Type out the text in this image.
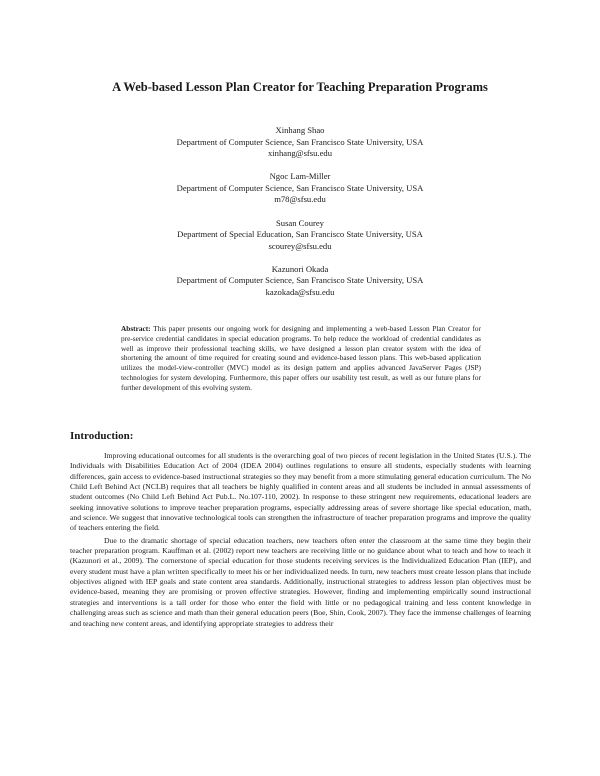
A Web-based Lesson Plan Creator for Teaching Preparation Programs
Xinhang Shao
Department of Computer Science, San Francisco State University, USA
xinhang@sfsu.edu
Ngoc Lam-Miller
Department of Computer Science, San Francisco State University, USA
m78@sfsu.edu
Susan Courey
Department of Special Education, San Francisco State University, USA
scourey@sfsu.edu
Kazunori Okada
Department of Computer Science, San Francisco State University, USA
kazokada@sfsu.edu
Abstract: This paper presents our ongoing work for designing and implementing a web-based Lesson Plan Creator for pre-service credential candidates in special education programs. To help reduce the workload of credential candidates as well as improve their professional teaching skills, we have designed a lesson plan creator system with the idea of shortening the amount of time required for creating sound and evidence-based lesson plans. This web-based application utilizes the model-view-controller (MVC) model as its design pattern and applies advanced JavaServer Pages (JSP) technologies for system developing. Furthermore, this paper offers our usability test result, as well as our future plans for further development of this evolving system.
Introduction:

Improving educational outcomes for all students is the overarching goal of two pieces of recent legislation in the United States (U.S.). The Individuals with Disabilities Education Act of 2004 (IDEA 2004) outlines regulations to ensure all students, especially students with learning differences, gain access to evidence-based instructional strategies so they may benefit from a more stimulating general education curriculum. The No Child Left Behind Act (NCLB) requires that all teachers be highly qualified in content areas and all students be included in annual assessments of student outcomes (No Child Left Behind Act Pub.L. No.107-110, 2002). In response to these stringent new requirements, educational leaders are seeking innovative solutions to improve teacher preparation programs, especially addressing areas of severe shortage like special education, math, and science. We suggest that innovative technological tools can strengthen the infrastructure of teacher preparation programs and improve the quality of teachers entering the field.

Due to the dramatic shortage of special education teachers, new teachers often enter the classroom at the same time they begin their teacher preparation program. Kauffman et al. (2002) report new teachers are receiving little or no guidance about what to teach and how to teach it (Kazunori et al., 2009). The cornerstone of special education for those students receiving services is the Individualized Education Plan (IEP), and every student must have a plan written specifically to meet his or her individualized needs. In turn, new teachers must create lesson plans that include objectives aligned with IEP goals and state content area standards. Additionally, instructional strategies to address lesson plan objectives must be evidence-based, meaning they are promising or proven effective strategies. However, finding and implementing empirically sound instructional strategies and interventions is a tall order for those who enter the field with little or no pedagogical training and less content knowledge in challenging areas such as science and math than their general education peers (Boe, Shin, Cook, 2007). They face the immense challenges of learning and teaching new content areas, and identifying appropriate strategies to address their
